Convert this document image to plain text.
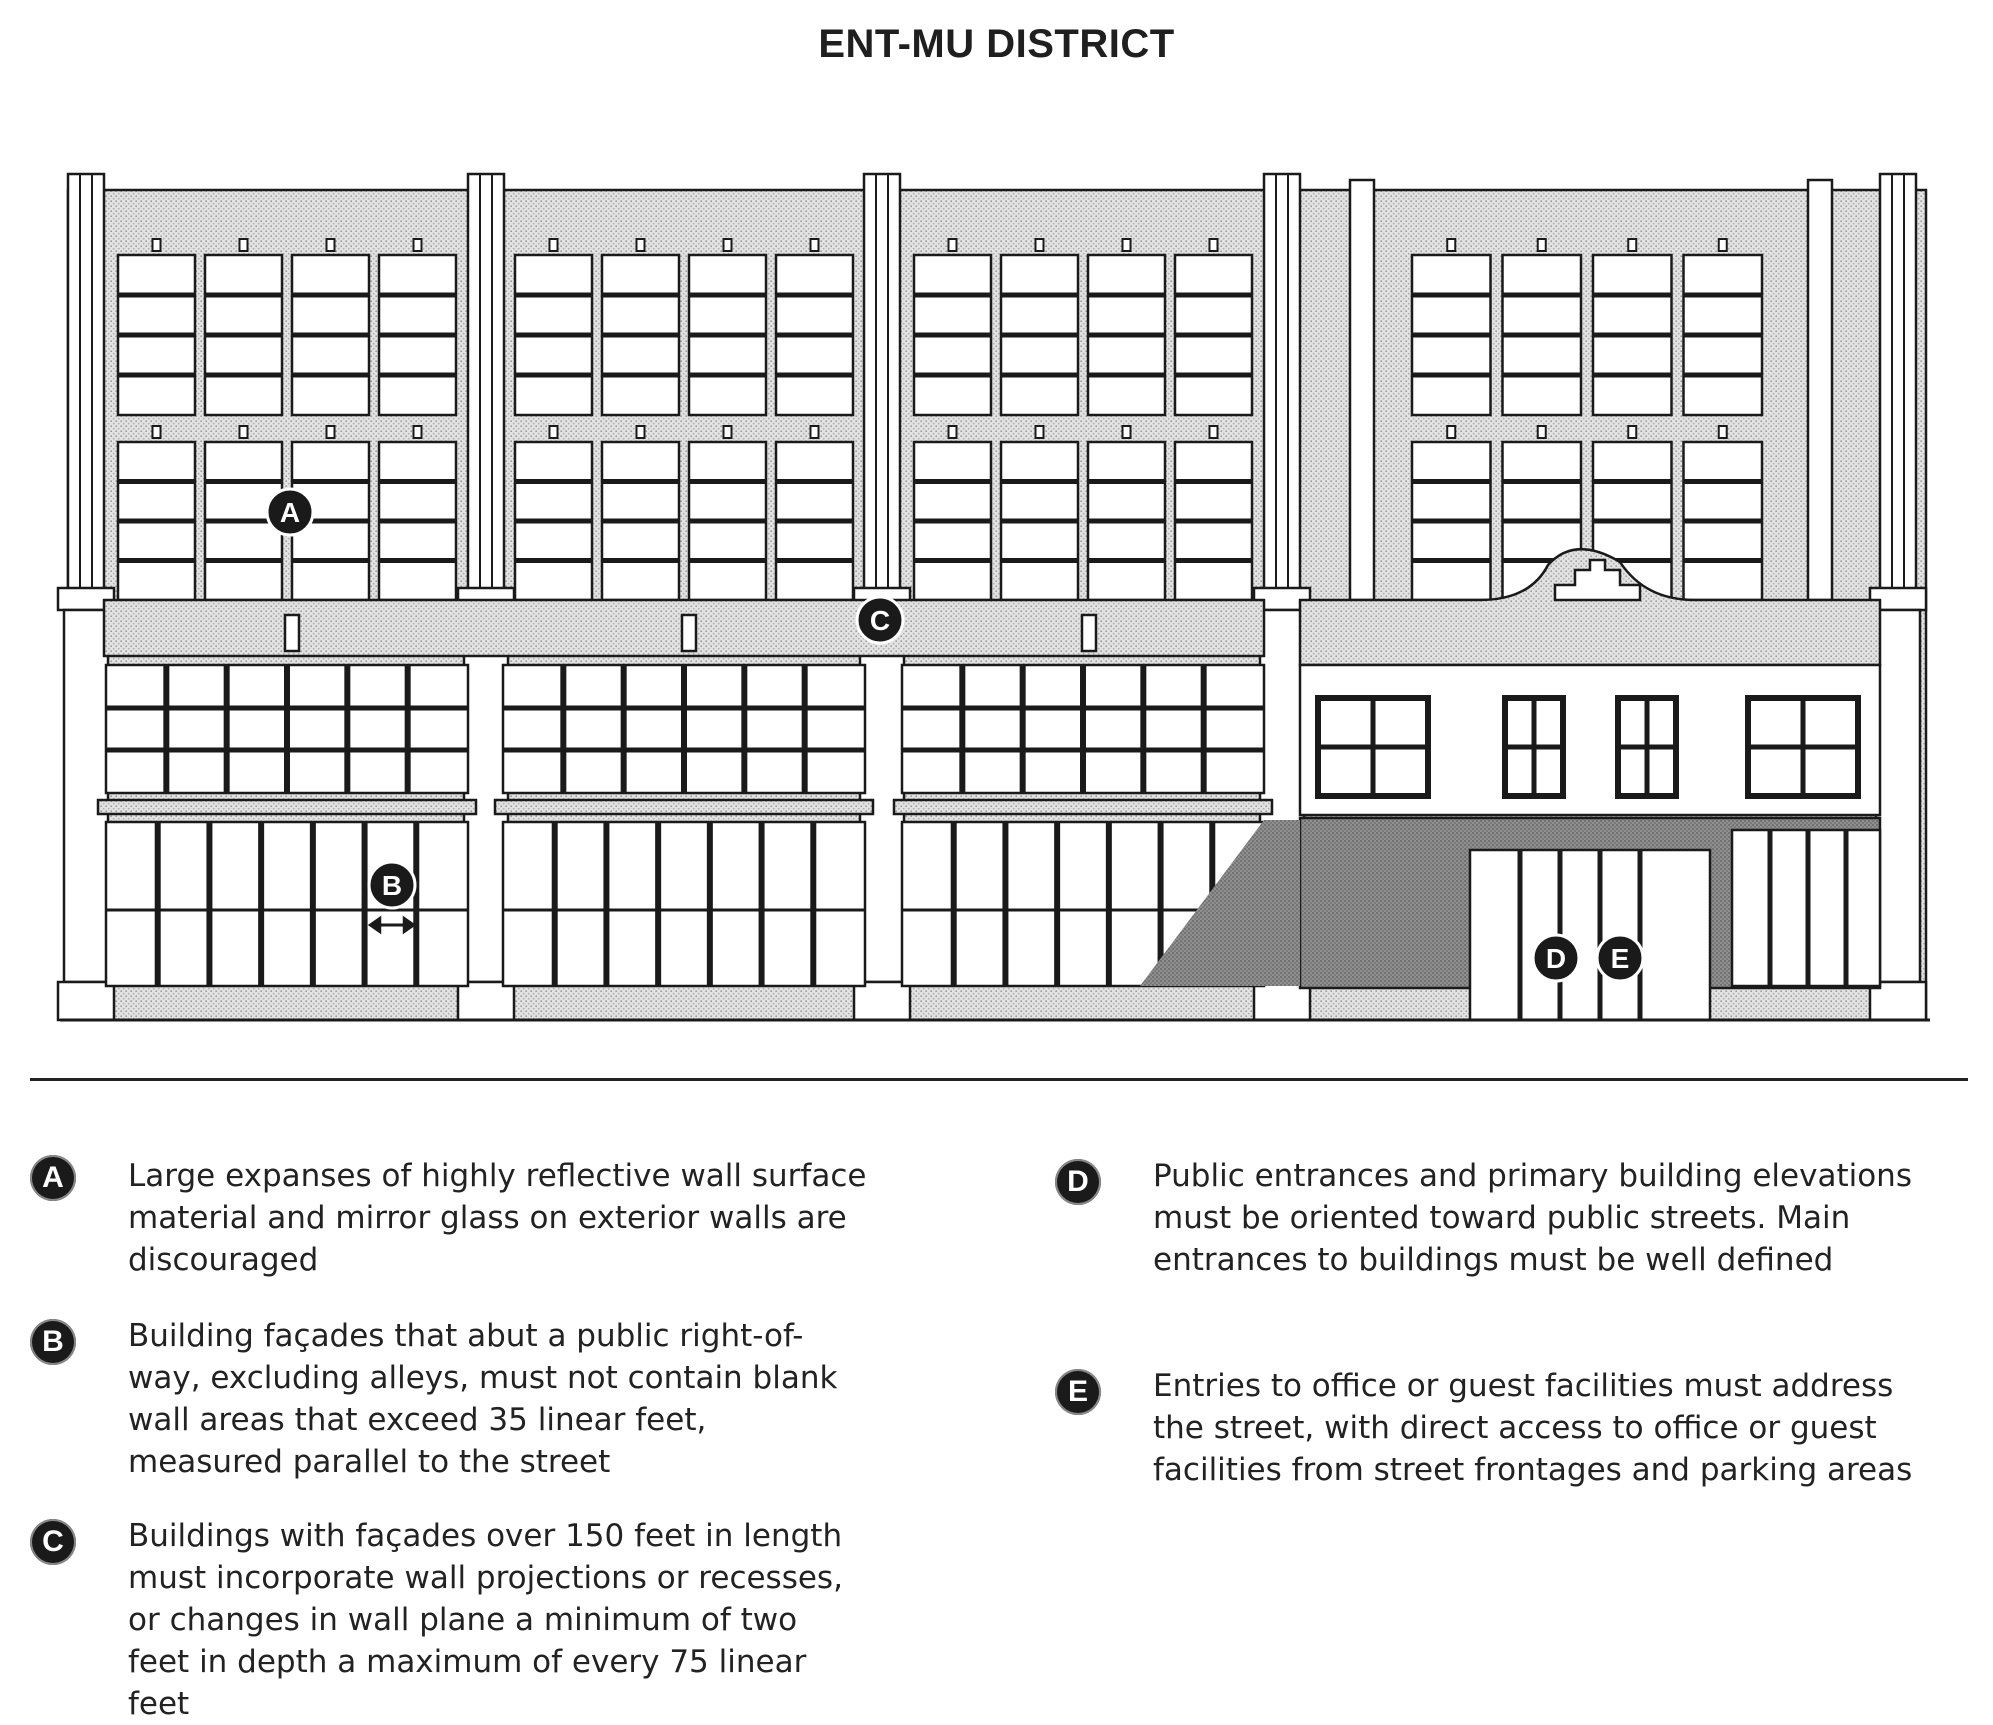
ENT-MU DISTRICT
A
B
C
D E
A	Large expanses of highly reflective wall surface material and mirror glass on exterior walls are discouraged
B	Building façades that abut a public right-of-way, excluding alleys, must not contain blank wall areas that exceed 35 linear feet, measured parallel to the street
C	Buildings with façades over 150 feet in length must incorporate wall projections or recesses, or changes in wall plane a minimum of two feet in depth a maximum of every 75 linear feet
D	Public entrances and primary building elevations must be oriented toward public streets. Main entrances to buildings must be well defined
E	Entries to office or guest facilities must address the street, with direct access to office or guest facilities from street frontages and parking areas
